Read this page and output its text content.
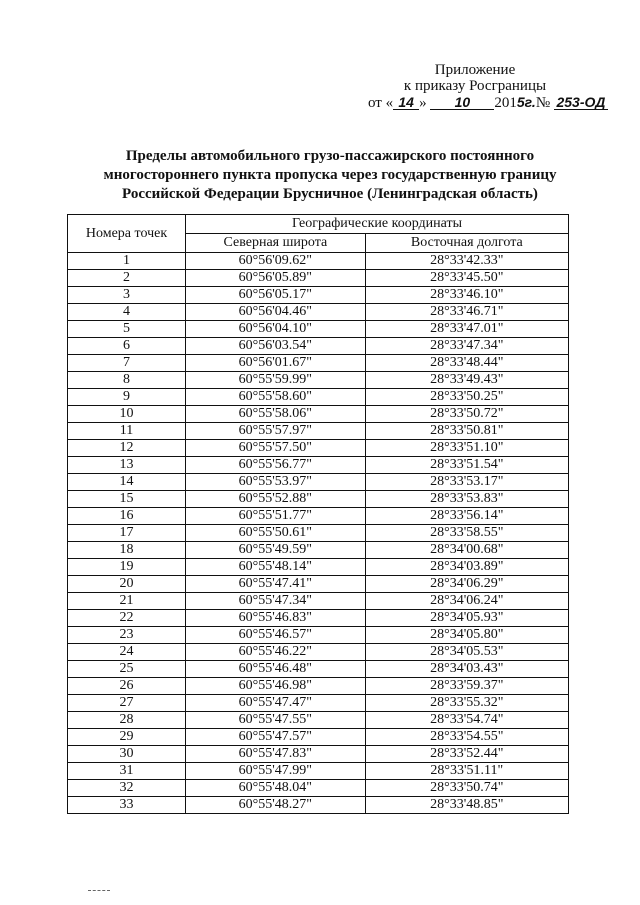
Приложение
к приказу Росграницы
от « 14 » 10 2015г.№ 253-ОД
Пределы автомобильного грузо-пассажирского постоянного
многостороннего пункта пропуска через государственную границу
Российской Федерации Брусничное (Ленинградская область)
Номера точек	Географические координаты	
	Северная широта	Восточная долгота
1	60°56'09.62"	28°33'42.33"
2	60°56'05.89"	28°33'45.50"
3	60°56'05.17"	28°33'46.10"
4	60°56'04.46"	28°33'46.71"
5	60°56'04.10"	28°33'47.01"
6	60°56'03.54"	28°33'47.34"
7	60°56'01.67"	28°33'48.44"
8	60°55'59.99"	28°33'49.43"
9	60°55'58.60"	28°33'50.25"
10	60°55'58.06"	28°33'50.72"
11	60°55'57.97"	28°33'50.81"
12	60°55'57.50"	28°33'51.10"
13	60°55'56.77"	28°33'51.54"
14	60°55'53.97"	28°33'53.17"
15	60°55'52.88"	28°33'53.83"
16	60°55'51.77"	28°33'56.14"
17	60°55'50.61"	28°33'58.55"
18	60°55'49.59"	28°34'00.68"
19	60°55'48.14"	28°34'03.89"
20	60°55'47.41"	28°34'06.29"
21	60°55'47.34"	28°34'06.24"
22	60°55'46.83"	28°34'05.93"
23	60°55'46.57"	28°34'05.80"
24	60°55'46.22"	28°34'05.53"
25	60°55'46.48"	28°34'03.43"
26	60°55'46.98"	28°33'59.37"
27	60°55'47.47"	28°33'55.32"
28	60°55'47.55"	28°33'54.74"
29	60°55'47.57"	28°33'54.55"
30	60°55'47.83"	28°33'52.44"
31	60°55'47.99"	28°33'51.11"
32	60°55'48.04"	28°33'50.74"
33	60°55'48.27"	28°33'48.85"
